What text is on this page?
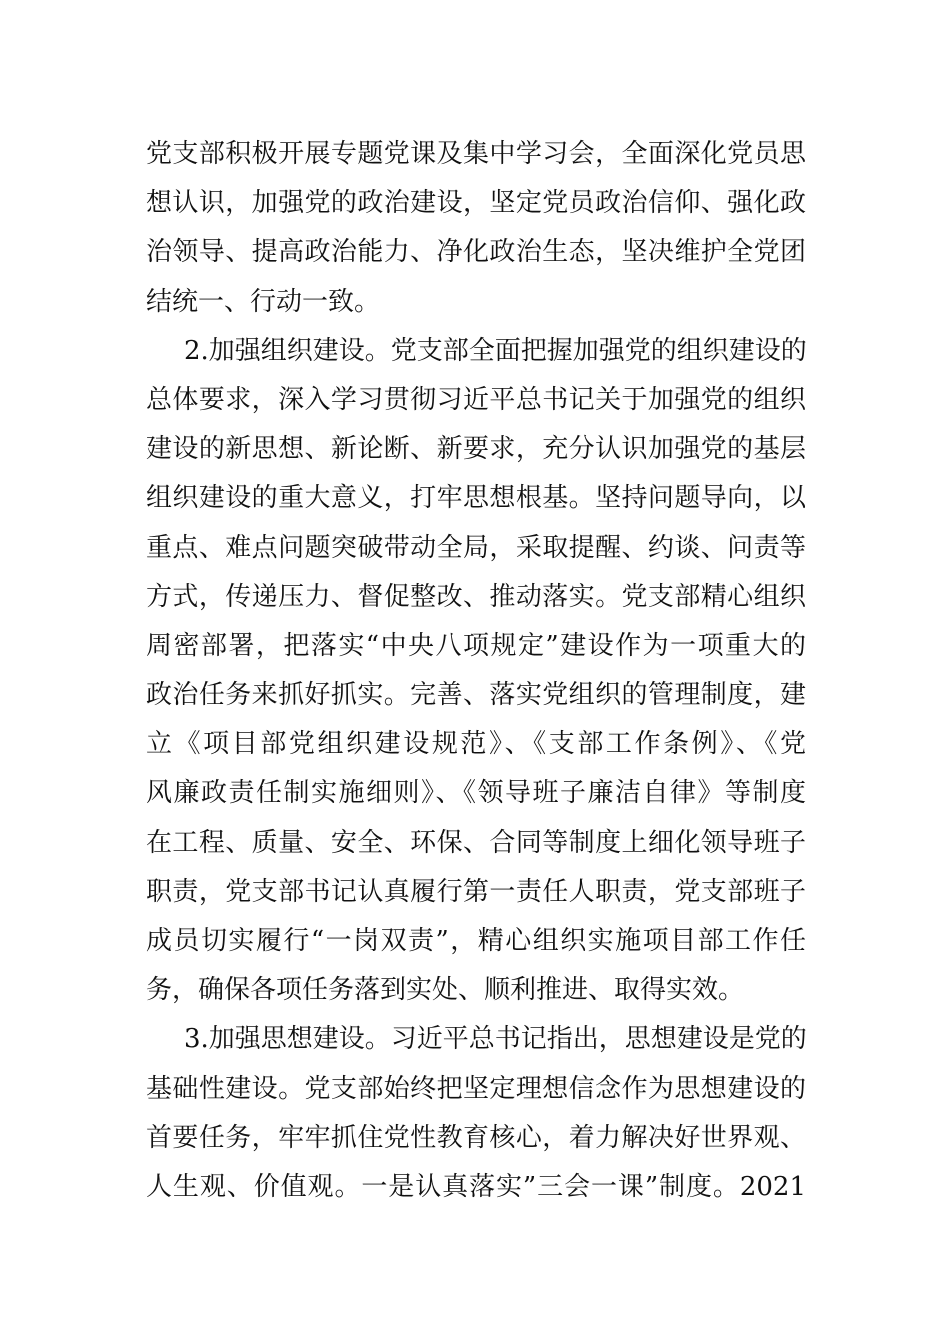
党支部积极开展专题党课及集中学习会，全面深化党员思
想认识，加强党的政治建设，坚定党员政治信仰、强化政
治领导、提高政治能力、净化政治生态，坚决维护全党团
结统一、行动一致。
2.加强组织建设。党支部全面把握加强党的组织建设的
总体要求，深入学习贯彻习近平总书记关于加强党的组织
建设的新思想、新论断、新要求，充分认识加强党的基层
组织建设的重大意义，打牢思想根基。坚持问题导向，以
重点、难点问题突破带动全局，采取提醒、约谈、问责等
方式，传递压力、督促整改、推动落实。党支部精心组织
周密部署，把落实“中央八项规定”建设作为一项重大的
政治任务来抓好抓实。完善、落实党组织的管理制度，建
立《项目部党组织建设规范》、《支部工作条例》、《党
风廉政责任制实施细则》、《领导班子廉洁自律》等制度
在工程、质量、安全、环保、合同等制度上细化领导班子
职责，党支部书记认真履行第一责任人职责，党支部班子
成员切实履行“一岗双责”，精心组织实施项目部工作任
务，确保各项任务落到实处、顺利推进、取得实效。
3.加强思想建设。习近平总书记指出，思想建设是党的
基础性建设。党支部始终把坚定理想信念作为思想建设的
首要任务，牢牢抓住党性教育核心，着力解决好世界观、
人生观、价值观。一是认真落实”三会一课”制度。2021
